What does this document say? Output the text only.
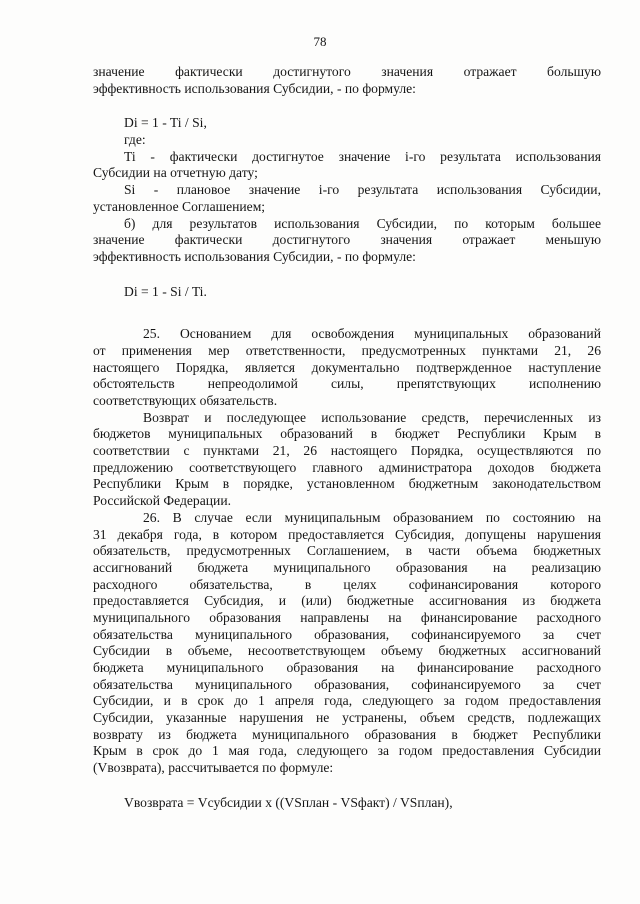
78
значение фактически достигнутого значения отражает большую
эффективность использования Субсидии, - по формуле:
Di = 1 - Ti / Si,
где:
Ti - фактически достигнутое значение i-го результата использования
Субсидии на отчетную дату;
Si - плановое значение i-го результата использования Субсидии,
установленное Соглашением;
б) для результатов использования Субсидии, по которым большее
значение фактически достигнутого значения отражает меньшую
эффективность использования Субсидии, - по формуле:
Di = 1 - Si / Ti.
25. Основанием для освобождения муниципальных образований
от применения мер ответственности, предусмотренных пунктами 21, 26
настоящего Порядка, является документально подтвержденное наступление
обстоятельств непреодолимой силы, препятствующих исполнению
соответствующих обязательств.
Возврат и последующее использование средств, перечисленных из
бюджетов муниципальных образований в бюджет Республики Крым в
соответствии с пунктами 21, 26 настоящего Порядка, осуществляются по
предложению соответствующего главного администратора доходов бюджета
Республики Крым в порядке, установленном бюджетным законодательством
Российской Федерации.
26. В случае если муниципальным образованием по состоянию на
31 декабря года, в котором предоставляется Субсидия, допущены нарушения
обязательств, предусмотренных Соглашением, в части объема бюджетных
ассигнований бюджета муниципального образования на реализацию
расходного обязательства, в целях софинансирования которого
предоставляется Субсидия, и (или) бюджетные ассигнования из бюджета
муниципального образования направлены на финансирование расходного
обязательства муниципального образования, софинансируемого за счет
Субсидии в объеме, несоответствующем объему бюджетных ассигнований
бюджета муниципального образования на финансирование расходного
обязательства муниципального образования, софинансируемого за счет
Субсидии, и в срок до 1 апреля года, следующего за годом предоставления
Субсидии, указанные нарушения не устранены, объем средств, подлежащих
возврату из бюджета муниципального образования в бюджет Республики
Крым в срок до 1 мая года, следующего за годом предоставления Субсидии
(Vвозврата), рассчитывается по формуле:
Vвозврата = Vсубсидии x ((VSплан - VSфакт) / VSплан),
